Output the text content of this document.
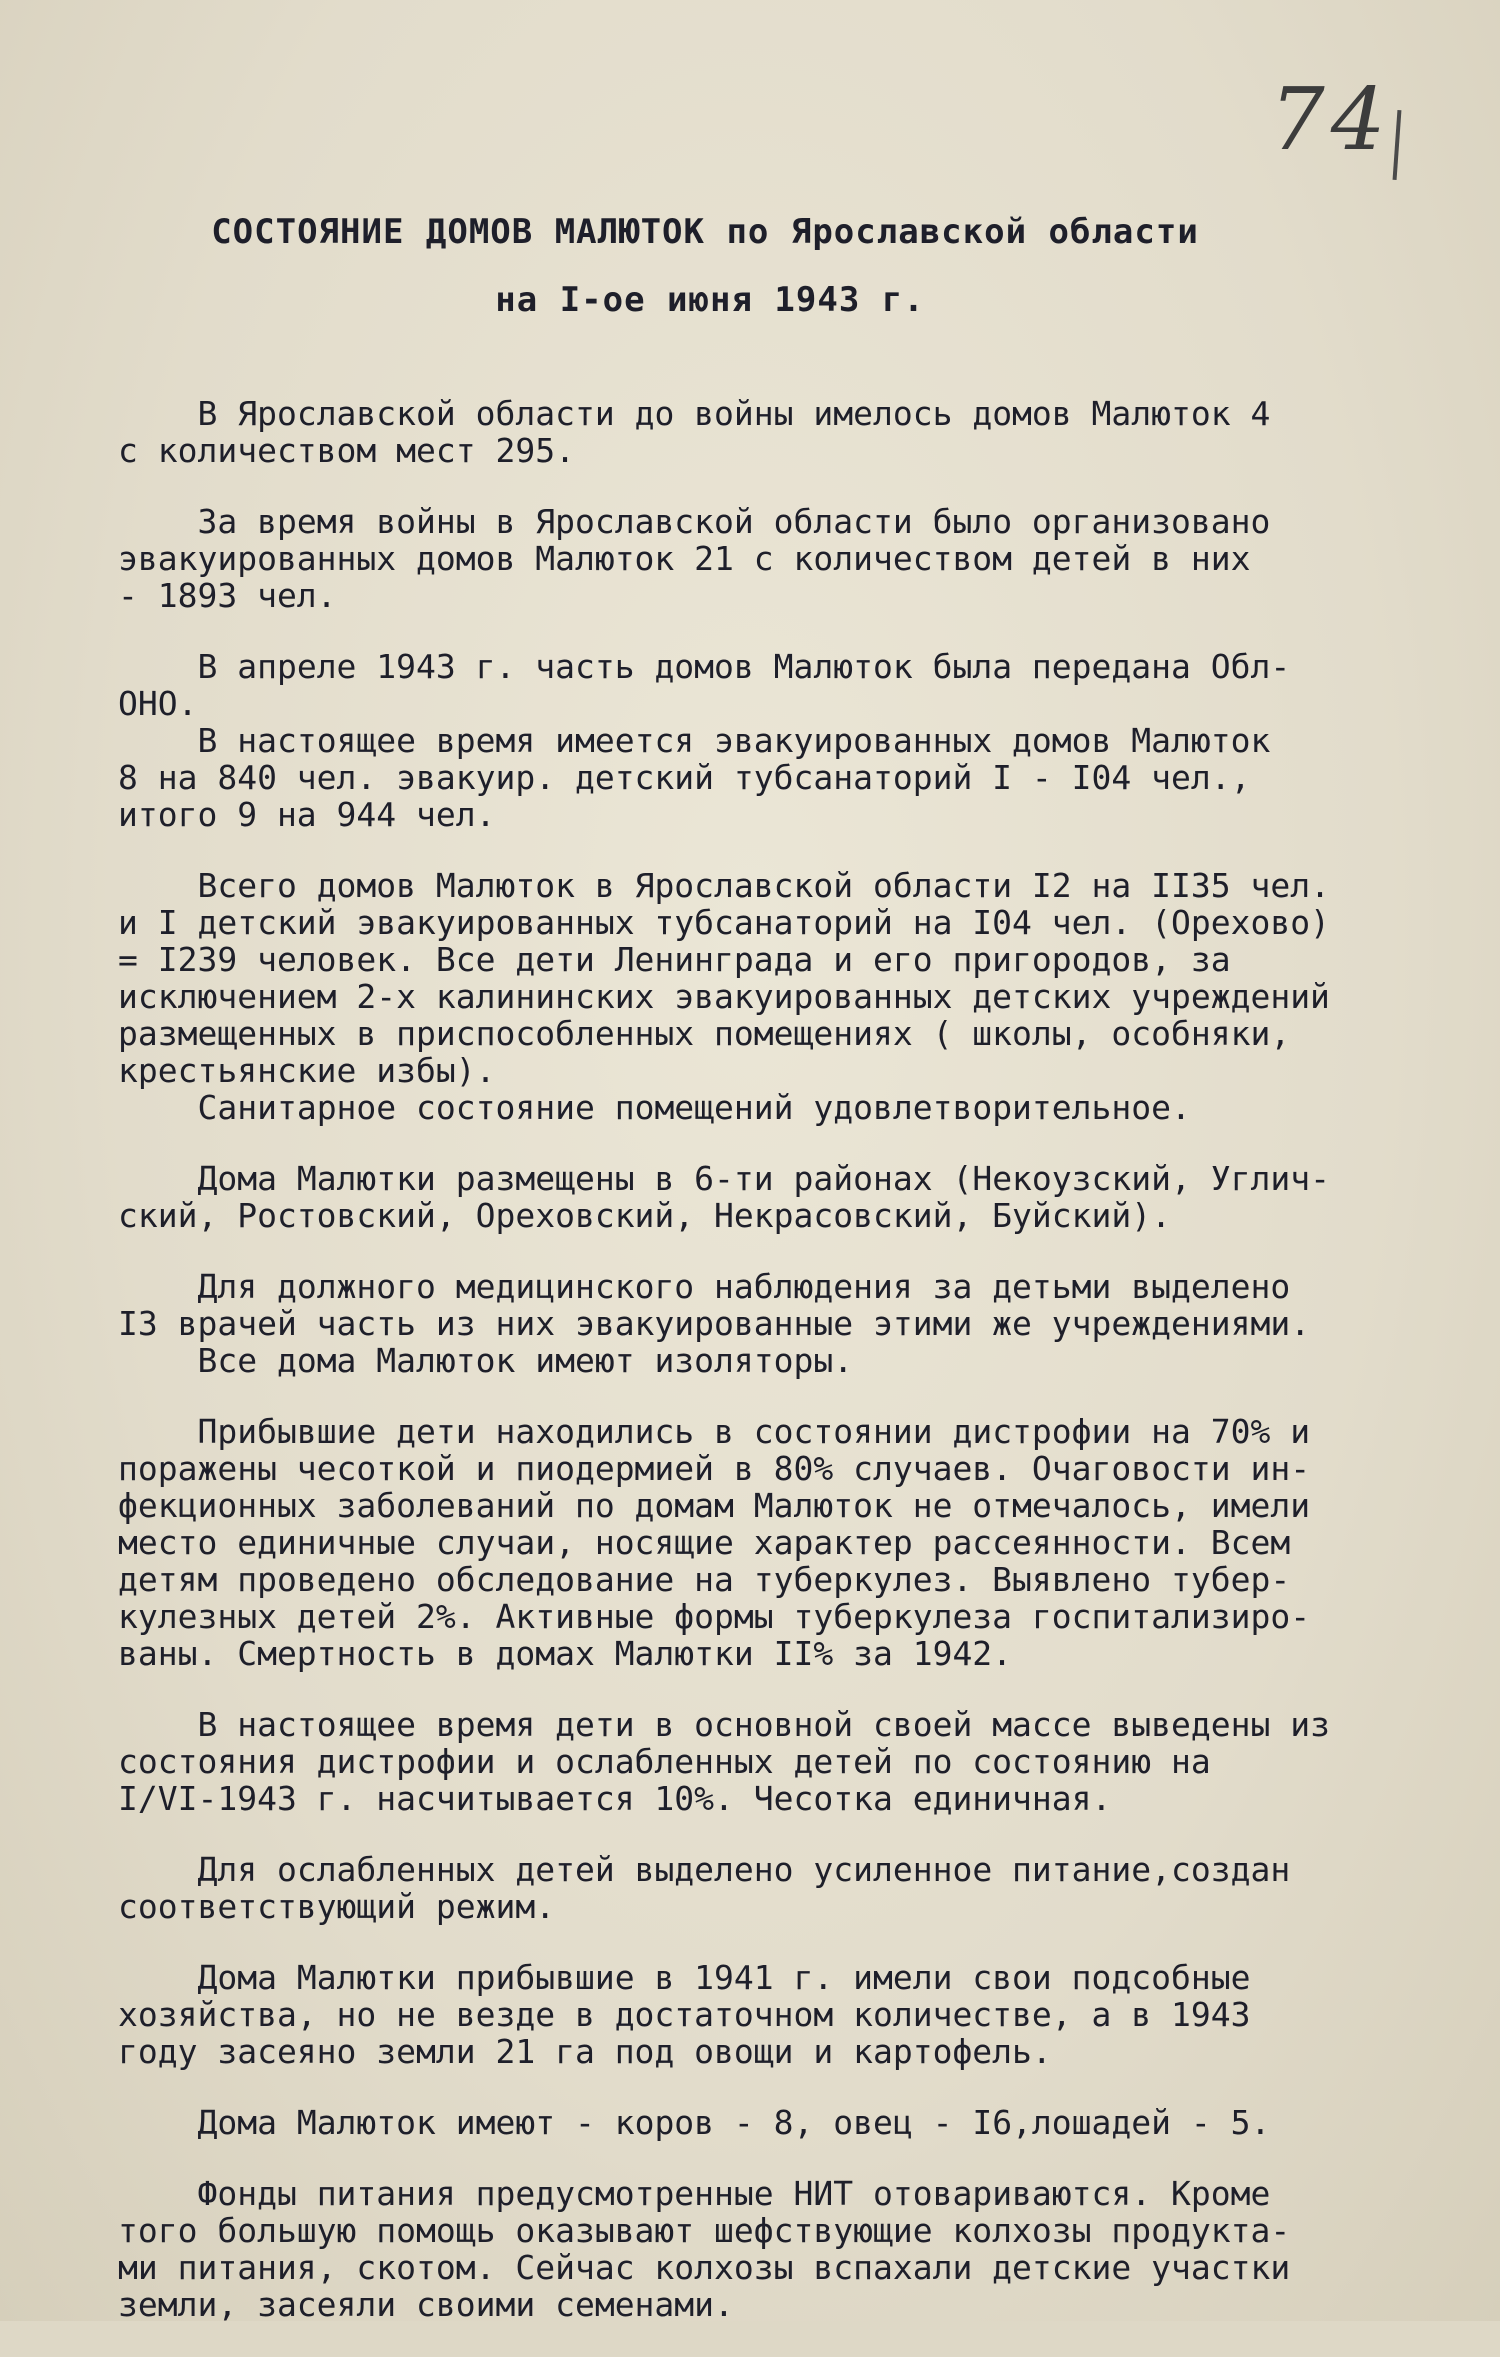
74
СОСТОЯНИЕ ДОМОВ МАЛЮТОК по Ярославской области
на I-ое июня 1943 г.

В Ярославской области до войны имелось домов Малюток 4
с количеством мест 295.

За время войны в Ярославской области было организовано
эвакуированных домов Малюток 21 с количеством детей в них
- 1893 чел.

В апреле 1943 г. часть домов Малюток была передана Обл-
ОНО.

В настоящее время имеется эвакуированных домов Малюток
8 на 840 чел. эвакуир. детский тубсанаторий I - I04 чел.,
итого 9 на 944 чел.

Всего домов Малюток в Ярославской области I2 на II35 чел.
и I детский эвакуированных тубсанаторий на I04 чел. (Орехово)
= I239 человек. Все дети Ленинграда и его пригородов, за
исключением 2-х калининских эвакуированных детских учреждений
размещенных в приспособленных помещениях ( школы, особняки,
крестьянские избы).

Санитарное состояние помещений удовлетворительное.

Дома Малютки размещены в 6-ти районах (Некоузский, Углич-
ский, Ростовский, Ореховский, Некрасовский, Буйский).

Для должного медицинского наблюдения за детьми выделено
I3 врачей часть из них эвакуированные этими же учреждениями.

Все дома Малюток имеют изоляторы.

Прибывшие дети находились в состоянии дистрофии на 70% и
поражены чесоткой и пиодермией в 80% случаев. Очаговости ин-
фекционных заболеваний по домам Малюток не отмечалось, имели
место единичные случаи, носящие характер рассеянности. Всем
детям проведено обследование на туберкулез. Выявлено тубер-
кулезных детей 2%. Активные формы туберкулеза госпитализиро-
ваны. Смертность в домах Малютки II% за 1942.

В настоящее время дети в основной своей массе выведены из
состояния дистрофии и ослабленных детей по состоянию на
I/VI-1943 г. насчитывается 10%. Чесотка единичная.

Для ослабленных детей выделено усиленное питание,создан
соответствующий режим.

Дома Малютки прибывшие в 1941 г. имели свои подсобные
хозяйства, но не везде в достаточном количестве, а в 1943
году засеяно земли 21 га под овощи и картофель.

Дома Малюток имеют - коров - 8, овец - I6,лошадей - 5.

Фонды питания предусмотренные НИТ отовариваются. Кроме
того большую помощь оказывают шефствующие колхозы продукта-
ми питания, скотом. Сейчас колхозы вспахали детские участки
земли, засеяли своими семенами.
